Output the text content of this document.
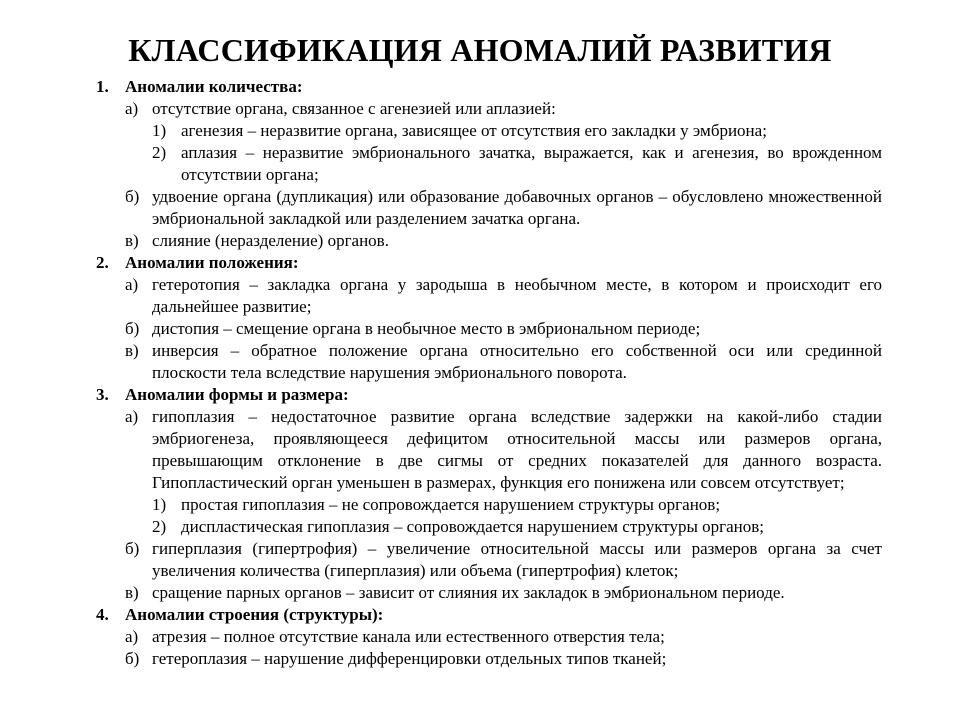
КЛАССИФИКАЦИЯ АНОМАЛИЙ РАЗВИТИЯ
1. Аномалии количества:
а) отсутствие органа, связанное с агенезией или аплазией:
1) агенезия – неразвитие органа, зависящее от отсутствия его закладки у эмбриона;
2) аплазия – неразвитие эмбрионального зачатка, выражается, как и агенезия, во врожденном отсутствии органа;
б) удвоение органа (дупликация) или образование добавочных органов – обусловлено множественной эмбриональной закладкой или разделением зачатка органа.
в) слияние (неразделение) органов.
2. Аномалии положения:
а) гетеротопия – закладка органа у зародыша в необычном месте, в котором и происходит его дальнейшее развитие;
б) дистопия – смещение органа в необычное место в эмбриональном периоде;
в) инверсия – обратное положение органа относительно его собственной оси или срединной плоскости тела вследствие нарушения эмбрионального поворота.
3. Аномалии формы и размера:
а) гипоплазия – недостаточное развитие органа вследствие задержки на какой-либо стадии эмбриогенеза, проявляющееся дефицитом относительной массы или размеров органа, превышающим отклонение в две сигмы от средних показателей для данного возраста. Гипопластический орган уменьшен в размерах, функция его понижена или совсем отсутствует;
1) простая гипоплазия – не сопровождается нарушением структуры органов;
2) диспластическая гипоплазия – сопровождается нарушением структуры органов;
б) гиперплазия (гипертрофия) – увеличение относительной массы или размеров органа за счет увеличения количества (гиперплазия) или объема (гипертрофия) клеток;
в) сращение парных органов – зависит от слияния их закладок в эмбриональном периоде.
4. Аномалии строения (структуры):
а) атрезия – полное отсутствие канала или естественного отверстия тела;
б) гетероплазия – нарушение дифференцировки отдельных типов тканей;
